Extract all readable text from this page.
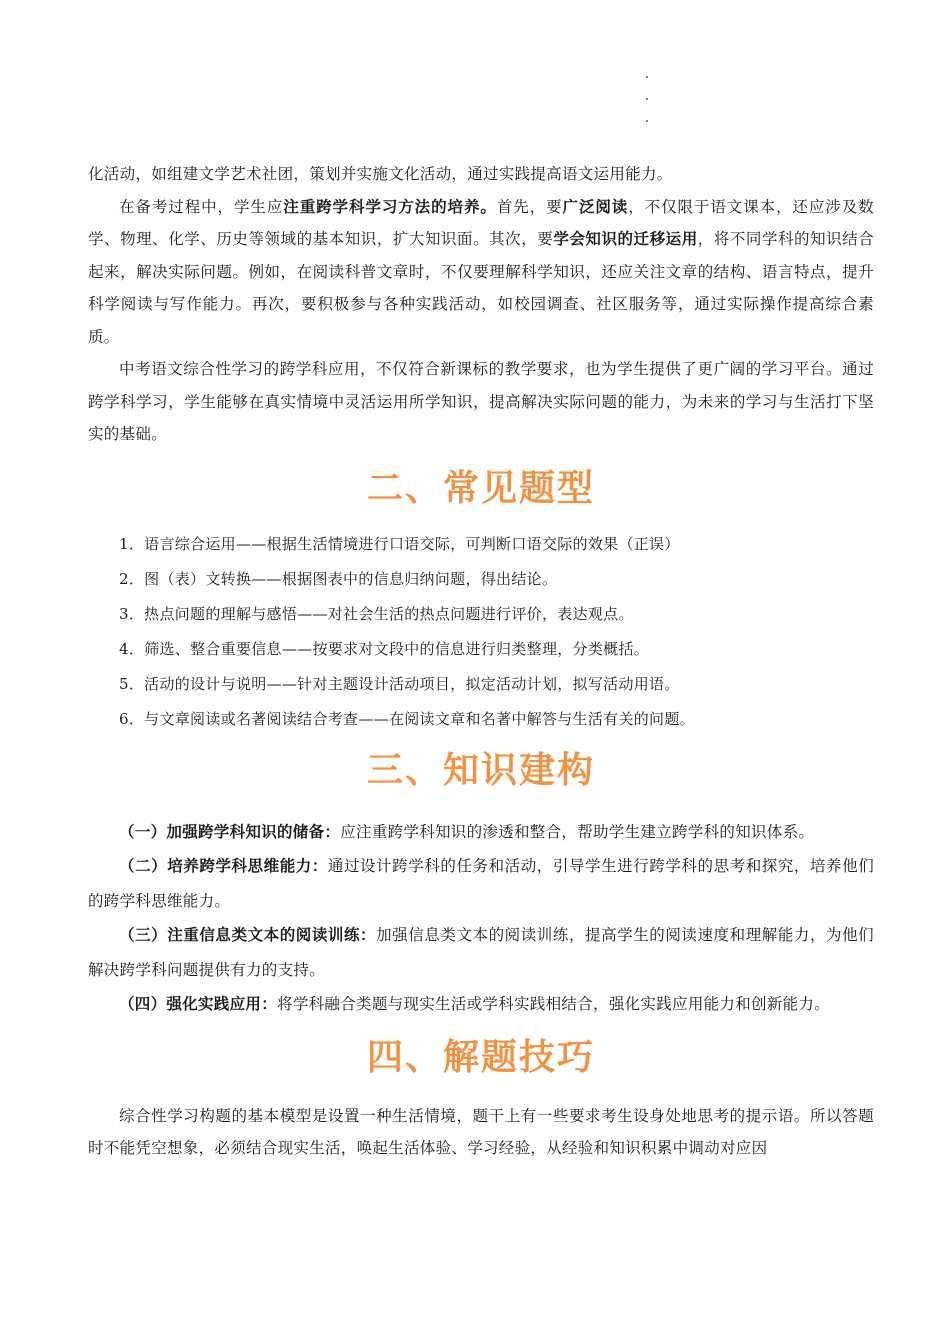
化活动，如组建文学艺术社团，策划并实施文化活动，通过实践提高语文运用能力。

在备考过程中，学生应注重跨学科学习方法的培养。首先，要广泛阅读，不仅限于语文课本，还应涉及数学、物理、化学、历史等领域的基本知识，扩大知识面。其次，要学会知识的迁移运用，将不同学科的知识结合起来，解决实际问题。例如，在阅读科普文章时，不仅要理解科学知识，还应关注文章的结构、语言特点，提升科学阅读与写作能力。再次，要积极参与各种实践活动，如校园调查、社区服务等，通过实际操作提高综合素质。

中考语文综合性学习的跨学科应用，不仅符合新课标的教学要求，也为学生提供了更广阔的学习平台。通过跨学科学习，学生能够在真实情境中灵活运用所学知识，提高解决实际问题的能力，为未来的学习与生活打下坚实的基础。

二、常见题型
1．语言综合运用——根据生活情境进行口语交际，可判断口语交际的效果（正误）
2．图（表）文转换——根据图表中的信息归纳问题，得出结论。
3．热点问题的理解与感悟——对社会生活的热点问题进行评价，表达观点。
4．筛选、整合重要信息——按要求对文段中的信息进行归类整理，分类概括。
5．活动的设计与说明——针对主题设计活动项目，拟定活动计划，拟写活动用语。
6．与文章阅读或名著阅读结合考查——在阅读文章和名著中解答与生活有关的问题。
三、知识建构

（一）加强跨学科知识的储备：应注重跨学科知识的渗透和整合，帮助学生建立跨学科的知识体系。

（二）培养跨学科思维能力：通过设计跨学科的任务和活动，引导学生进行跨学科的思考和探究，培养他们的跨学科思维能力。

（三）注重信息类文本的阅读训练：加强信息类文本的阅读训练，提高学生的阅读速度和理解能力，为他们解决跨学科问题提供有力的支持。

（四）强化实践应用：将学科融合类题与现实生活或学科实践相结合，强化实践应用能力和创新能力。

四、解题技巧

综合性学习构题的基本模型是设置一种生活情境，题干上有一些要求考生设身处地思考的提示语。所以答题时不能凭空想象，必须结合现实生活，唤起生活体验、学习经验，从经验和知识积累中调动对应因
